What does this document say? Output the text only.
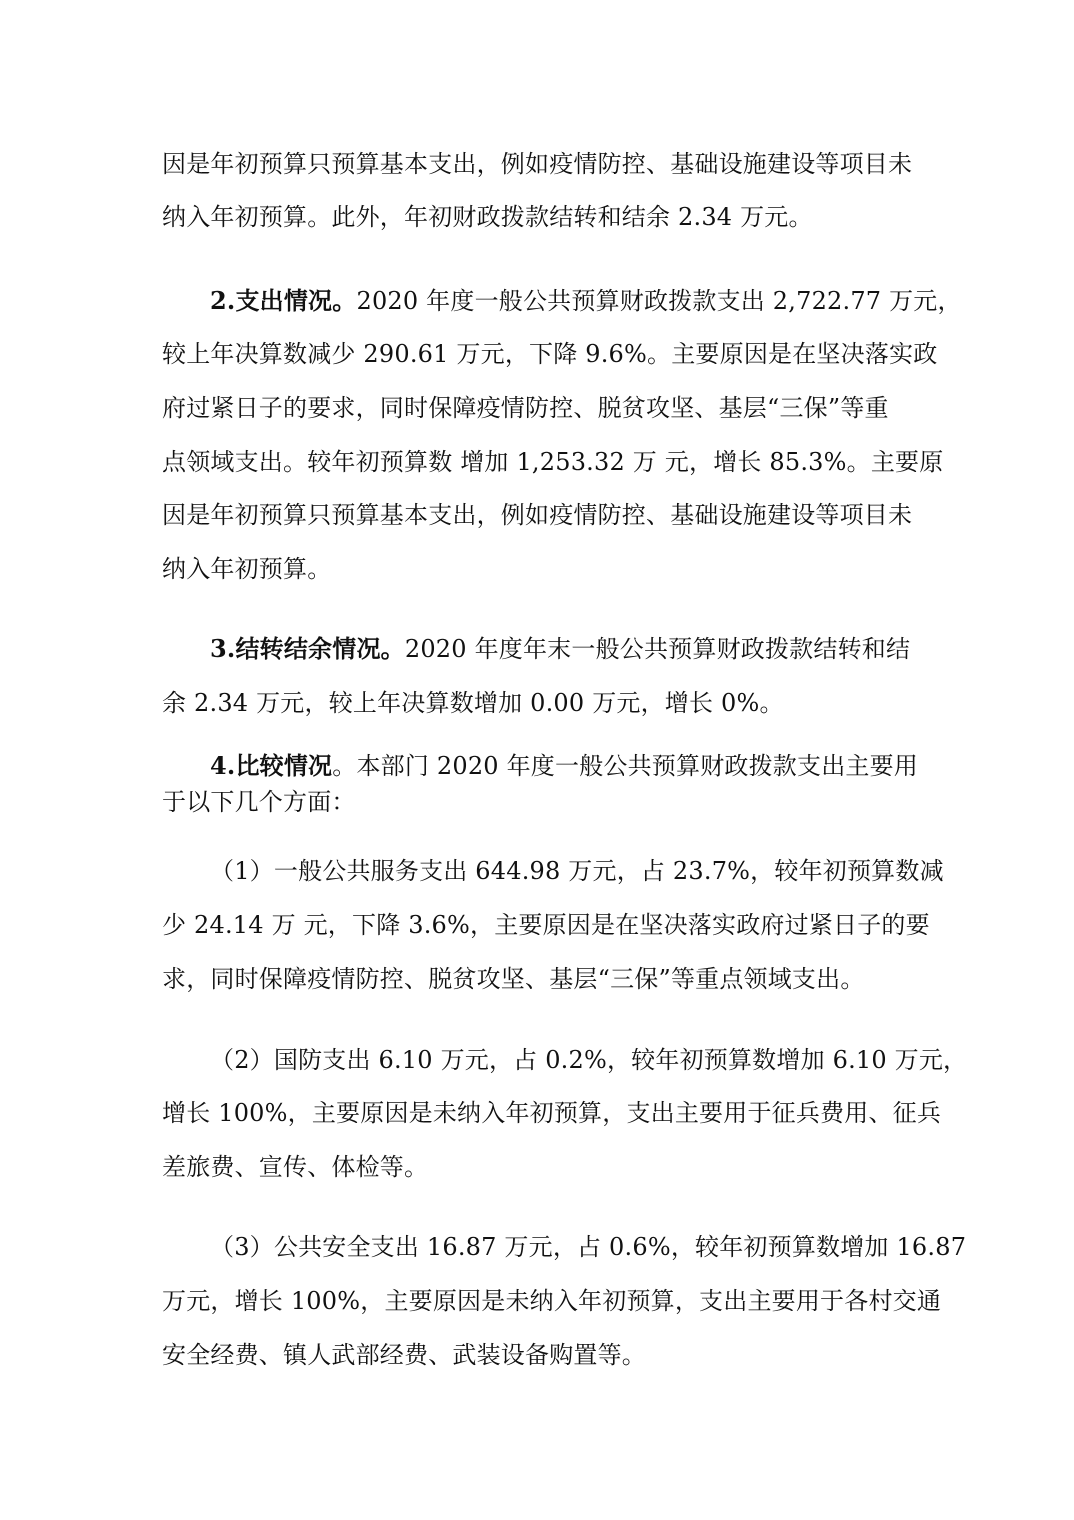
因是年初预算只预算基本支出，例如疫情防控、基础设施建设等项目未
纳入年初预算。此外，年初财政拨款结转和结余 2.34 万元。
2.支出情况。2020 年度一般公共预算财政拨款支出 2,722.77 万元，
较上年决算数减少 290.61 万元，下降 9.6%。主要原因是在坚决落实政
府过紧日子的要求，同时保障疫情防控、脱贫攻坚、基层“三保”等重
点领域支出。较年初预算数 增加 1,253.32 万 元，增长 85.3%。主要原
因是年初预算只预算基本支出，例如疫情防控、基础设施建设等项目未
纳入年初预算。
3.结转结余情况。2020 年度年末一般公共预算财政拨款结转和结
余 2.34 万元，较上年决算数增加 0.00 万元，增长 0%。
4.比较情况。本部门 2020 年度一般公共预算财政拨款支出主要用
于以下几个方面：
（1）一般公共服务支出 644.98 万元，占 23.7%，较年初预算数减
少 24.14 万 元，下降 3.6%，主要原因是在坚决落实政府过紧日子的要
求，同时保障疫情防控、脱贫攻坚、基层“三保”等重点领域支出。
（2）国防支出 6.10 万元，占 0.2%，较年初预算数增加 6.10 万元，
增长 100%，主要原因是未纳入年初预算，支出主要用于征兵费用、征兵
差旅费、宣传、体检等。
（3）公共安全支出 16.87 万元，占 0.6%，较年初预算数增加 16.87
万元，增长 100%，主要原因是未纳入年初预算，支出主要用于各村交通
安全经费、镇人武部经费、武装设备购置等。
